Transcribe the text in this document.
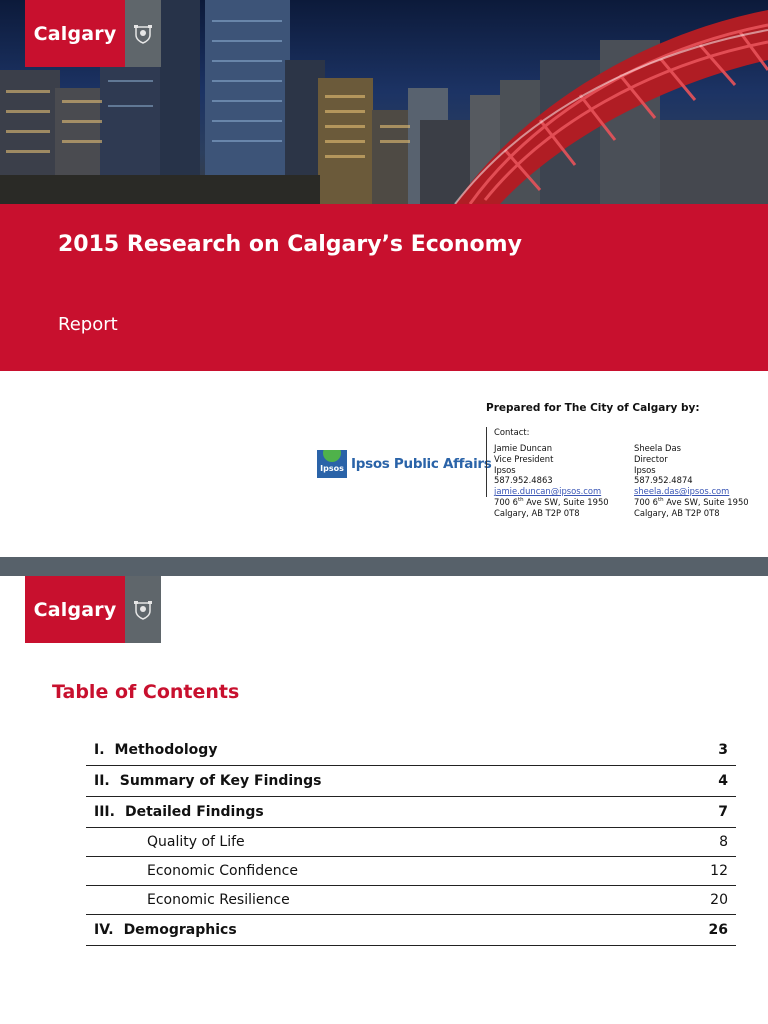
Calgary
2015 Research on Calgary’s Economy
Report
Ipsos Ipsos Public Affairs
Prepared for The City of Calgary by:
Contact:
Jamie Duncan
Vice President
Ipsos
587.952.4863
jamie.duncan@ipsos.com
700 6th Ave SW, Suite 1950
Calgary, AB T2P 0T8
Sheela Das
Director
Ipsos
587.952.4874
sheela.das@ipsos.com
700 6th Ave SW, Suite 1950
Calgary, AB T2P 0T8
Calgary
Table of Contents
I. Methodology	3
II. Summary of Key Findings	4
III. Detailed Findings	7
Quality of Life	8
Economic Confidence	12
Economic Resilience	20
IV. Demographics	26
